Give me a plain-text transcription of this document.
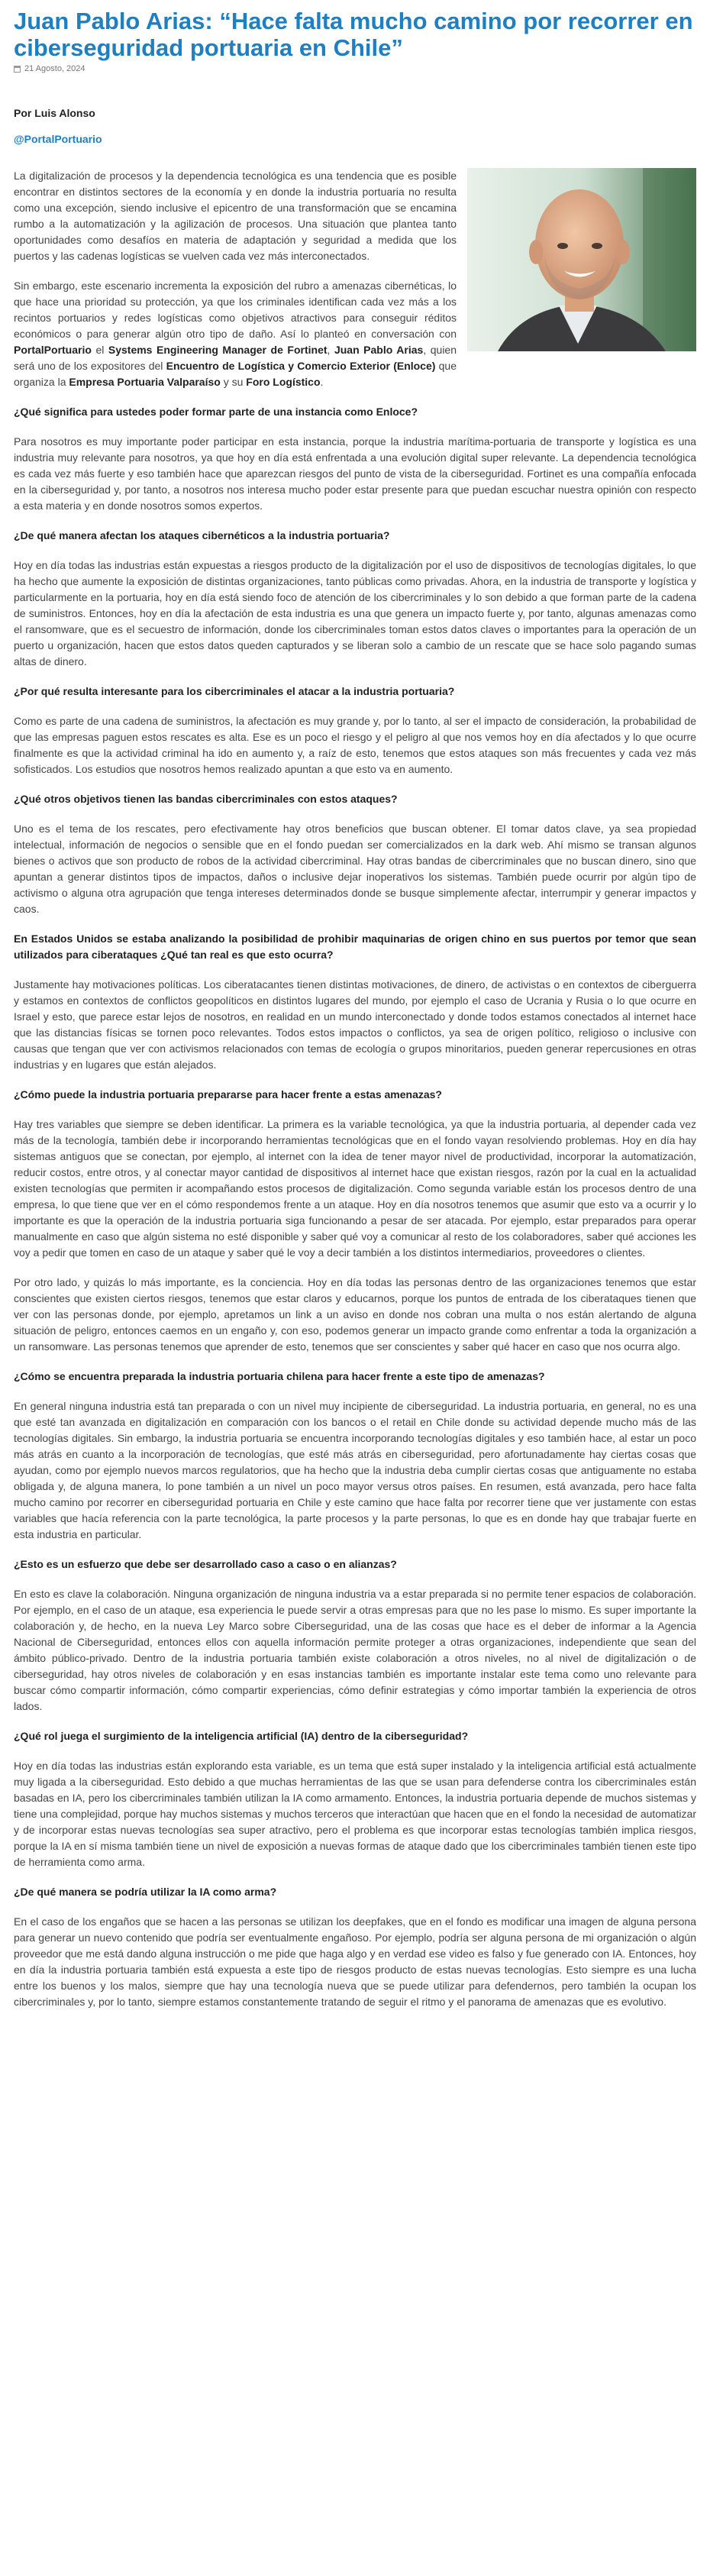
Juan Pablo Arias: “Hace falta mucho camino por recorrer en ciberseguridad portuaria en Chile”
21 Agosto, 2024
Por Luis Alonso
@PortalPortuario

La digitalización de procesos y la dependencia tecnológica es una tendencia que es posible encontrar en distintos sectores de la economía y en donde la industria portuaria no resulta como una excepción, siendo inclusive el epicentro de una transformación que se encamina rumbo a la automatización y la agilización de procesos. Una situación que plantea tanto oportunidades como desafíos en materia de adaptación y seguridad a medida que los puertos y las cadenas logísticas se vuelven cada vez más interconectados.

Sin embargo, este escenario incrementa la exposición del rubro a amenazas cibernéticas, lo que hace una prioridad su protección, ya que los criminales identifican cada vez más a los recintos portuarios y redes logísticas como objetivos atractivos para conseguir réditos económicos o para generar algún otro tipo de daño. Así lo planteó en conversación con PortalPortuario el Systems Engineering Manager de Fortinet, Juan Pablo Arias, quien será uno de los expositores del Encuentro de Logística y Comercio Exterior (Enloce) que organiza la Empresa Portuaria Valparaíso y su Foro Logístico.

¿Qué significa para ustedes poder formar parte de una instancia como Enloce?

Para nosotros es muy importante poder participar en esta instancia, porque la industria marítima-portuaria de transporte y logística es una industria muy relevante para nosotros, ya que hoy en día está enfrentada a una evolución digital super relevante. La dependencia tecnológica es cada vez más fuerte y eso también hace que aparezcan riesgos del punto de vista de la ciberseguridad. Fortinet es una compañía enfocada en la ciberseguridad y, por tanto, a nosotros nos interesa mucho poder estar presente para que puedan escuchar nuestra opinión con respecto a esta materia y en donde nosotros somos expertos.

¿De qué manera afectan los ataques cibernéticos a la industria portuaria?

Hoy en día todas las industrias están expuestas a riesgos producto de la digitalización por el uso de dispositivos de tecnologías digitales, lo que ha hecho que aumente la exposición de distintas organizaciones, tanto públicas como privadas. Ahora, en la industria de transporte y logística y particularmente en la portuaria, hoy en día está siendo foco de atención de los cibercriminales y lo son debido a que forman parte de la cadena de suministros. Entonces, hoy en día la afectación de esta industria es una que genera un impacto fuerte y, por tanto, algunas amenazas como el ransomware, que es el secuestro de información, donde los cibercriminales toman estos datos claves o importantes para la operación de un puerto u organización, hacen que estos datos queden capturados y se liberan solo a cambio de un rescate que se hace solo pagando sumas altas de dinero.

¿Por qué resulta interesante para los cibercriminales el atacar a la industria portuaria?

Como es parte de una cadena de suministros, la afectación es muy grande y, por lo tanto, al ser el impacto de consideración, la probabilidad de que las empresas paguen estos rescates es alta. Ese es un poco el riesgo y el peligro al que nos vemos hoy en día afectados y lo que ocurre finalmente es que la actividad criminal ha ido en aumento y, a raíz de esto, tenemos que estos ataques son más frecuentes y cada vez más sofisticados. Los estudios que nosotros hemos realizado apuntan a que esto va en aumento.

¿Qué otros objetivos tienen las bandas cibercriminales con estos ataques?

Uno es el tema de los rescates, pero efectivamente hay otros beneficios que buscan obtener. El tomar datos clave, ya sea propiedad intelectual, información de negocios o sensible que en el fondo puedan ser comercializados en la dark web. Ahí mismo se transan algunos bienes o activos que son producto de robos de la actividad cibercriminal. Hay otras bandas de cibercriminales que no buscan dinero, sino que apuntan a generar distintos tipos de impactos, daños o inclusive dejar inoperativos los sistemas. También puede ocurrir por algún tipo de activismo o alguna otra agrupación que tenga intereses determinados donde se busque simplemente afectar, interrumpir y generar impactos y caos.

En Estados Unidos se estaba analizando la posibilidad de prohibir maquinarias de origen chino en sus puertos por temor que sean utilizados para ciberataques ¿Qué tan real es que esto ocurra?

Justamente hay motivaciones políticas. Los ciberatacantes tienen distintas motivaciones, de dinero, de activistas o en contextos de ciberguerra y estamos en contextos de conflictos geopolíticos en distintos lugares del mundo, por ejemplo el caso de Ucrania y Rusia o lo que ocurre en Israel y esto, que parece estar lejos de nosotros, en realidad en un mundo interconectado y donde todos estamos conectados al internet hace que las distancias físicas se tornen poco relevantes. Todos estos impactos o conflictos, ya sea de origen político, religioso o inclusive con causas que tengan que ver con activismos relacionados con temas de ecología o grupos minoritarios, pueden generar repercusiones en otras industrias y en lugares que están alejados.

¿Cómo puede la industria portuaria prepararse para hacer frente a estas amenazas?

Hay tres variables que siempre se deben identificar. La primera es la variable tecnológica, ya que la industria portuaria, al depender cada vez más de la tecnología, también debe ir incorporando herramientas tecnológicas que en el fondo vayan resolviendo problemas. Hoy en día hay sistemas antiguos que se conectan, por ejemplo, al internet con la idea de tener mayor nivel de productividad, incorporar la automatización, reducir costos, entre otros, y al conectar mayor cantidad de dispositivos al internet hace que existan riesgos, razón por la cual en la actualidad existen tecnologías que permiten ir acompañando estos procesos de digitalización. Como segunda variable están los procesos dentro de una empresa, lo que tiene que ver en el cómo respondemos frente a un ataque. Hoy en día nosotros tenemos que asumir que esto va a ocurrir y lo importante es que la operación de la industria portuaria siga funcionando a pesar de ser atacada. Por ejemplo, estar preparados para operar manualmente en caso que algún sistema no esté disponible y saber qué voy a comunicar al resto de los colaboradores, saber qué acciones les voy a pedir que tomen en caso de un ataque y saber qué le voy a decir también a los distintos intermediarios, proveedores o clientes.

Por otro lado, y quizás lo más importante, es la conciencia. Hoy en día todas las personas dentro de las organizaciones tenemos que estar conscientes que existen ciertos riesgos, tenemos que estar claros y educarnos, porque los puntos de entrada de los ciberataques tienen que ver con las personas donde, por ejemplo, apretamos un link a un aviso en donde nos cobran una multa o nos están alertando de alguna situación de peligro, entonces caemos en un engaño y, con eso, podemos generar un impacto grande como enfrentar a toda la organización a un ransomware. Las personas tenemos que aprender de esto, tenemos que ser conscientes y saber qué hacer en caso que nos ocurra algo.

¿Cómo se encuentra preparada la industria portuaria chilena para hacer frente a este tipo de amenazas?

En general ninguna industria está tan preparada o con un nivel muy incipiente de ciberseguridad. La industria portuaria, en general, no es una que esté tan avanzada en digitalización en comparación con los bancos o el retail en Chile donde su actividad depende mucho más de las tecnologías digitales. Sin embargo, la industria portuaria se encuentra incorporando tecnologías digitales y eso también hace, al estar un poco más atrás en cuanto a la incorporación de tecnologías, que esté más atrás en ciberseguridad, pero afortunadamente hay ciertas cosas que ayudan, como por ejemplo nuevos marcos regulatorios, que ha hecho que la industria deba cumplir ciertas cosas que antiguamente no estaba obligada y, de alguna manera, lo pone también a un nivel un poco mayor versus otros países. En resumen, está avanzada, pero hace falta mucho camino por recorrer en ciberseguridad portuaria en Chile y este camino que hace falta por recorrer tiene que ver justamente con estas variables que hacía referencia con la parte tecnológica, la parte procesos y la parte personas, lo que es en donde hay que trabajar fuerte en esta industria en particular.

¿Esto es un esfuerzo que debe ser desarrollado caso a caso o en alianzas?

En esto es clave la colaboración. Ninguna organización de ninguna industria va a estar preparada si no permite tener espacios de colaboración. Por ejemplo, en el caso de un ataque, esa experiencia le puede servir a otras empresas para que no les pase lo mismo. Es super importante la colaboración y, de hecho, en la nueva Ley Marco sobre Ciberseguridad, una de las cosas que hace es el deber de informar a la Agencia Nacional de Ciberseguridad, entonces ellos con aquella información permite proteger a otras organizaciones, independiente que sean del ámbito público-privado. Dentro de la industria portuaria también existe colaboración a otros niveles, no al nivel de digitalización o de ciberseguridad, hay otros niveles de colaboración y en esas instancias también es importante instalar este tema como uno relevante para buscar cómo compartir información, cómo compartir experiencias, cómo definir estrategias y cómo importar también la experiencia de otros lados.

¿Qué rol juega el surgimiento de la inteligencia artificial (IA) dentro de la ciberseguridad?

Hoy en día todas las industrias están explorando esta variable, es un tema que está super instalado y la inteligencia artificial está actualmente muy ligada a la ciberseguridad. Esto debido a que muchas herramientas de las que se usan para defenderse contra los cibercriminales están basadas en IA, pero los cibercriminales también utilizan la IA como armamento. Entonces, la industria portuaria depende de muchos sistemas y tiene una complejidad, porque hay muchos sistemas y muchos terceros que interactúan que hacen que en el fondo la necesidad de automatizar y de incorporar estas nuevas tecnologías sea super atractivo, pero el problema es que incorporar estas tecnologías también implica riesgos, porque la IA en sí misma también tiene un nivel de exposición a nuevas formas de ataque dado que los cibercriminales también tienen este tipo de herramienta como arma.

¿De qué manera se podría utilizar la IA como arma?

En el caso de los engaños que se hacen a las personas se utilizan los deepfakes, que en el fondo es modificar una imagen de alguna persona para generar un nuevo contenido que podría ser eventualmente engañoso. Por ejemplo, podría ser alguna persona de mi organización o algún proveedor que me está dando alguna instrucción o me pide que haga algo y en verdad ese video es falso y fue generado con IA. Entonces, hoy en día la industria portuaria también está expuesta a este tipo de riesgos producto de estas nuevas tecnologías. Esto siempre es una lucha entre los buenos y los malos, siempre que hay una tecnología nueva que se puede utilizar para defendernos, pero también la ocupan los cibercriminales y, por lo tanto, siempre estamos constantemente tratando de seguir el ritmo y el panorama de amenazas que es evolutivo.
